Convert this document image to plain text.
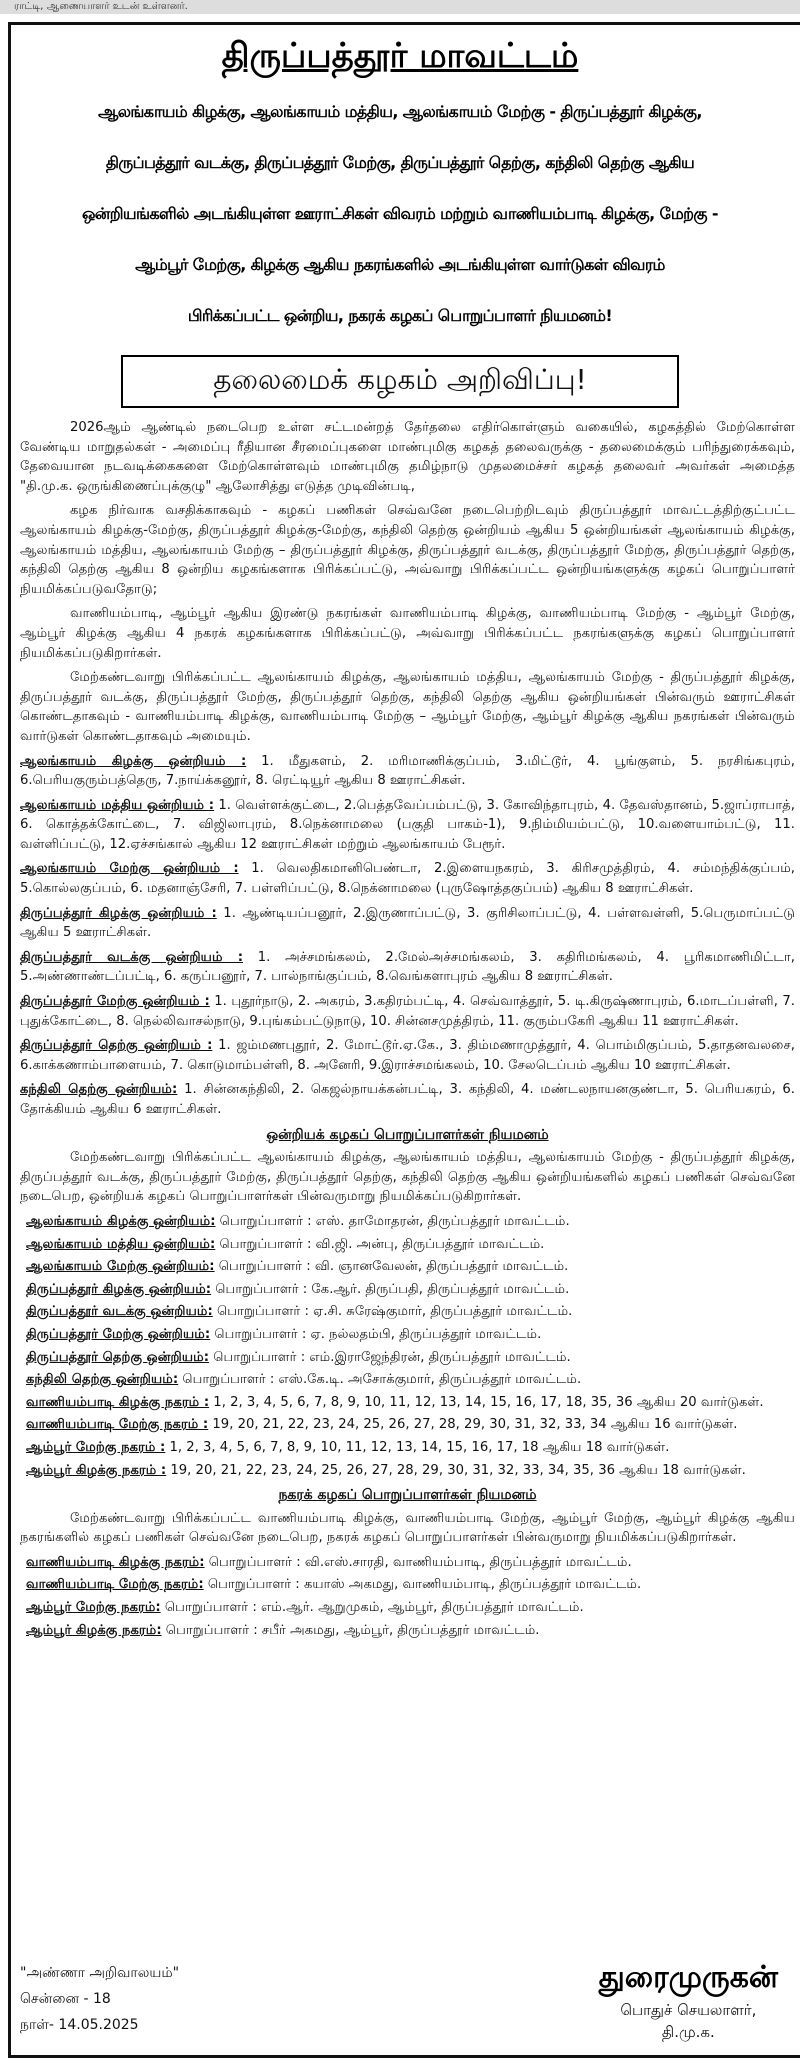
ராட்டி, ஆணையாளர் உடன் உள்ளனர்.
திருப்பத்தூர் மாவட்டம்
ஆலங்காயம் கிழக்கு, ஆலங்காயம் மத்திய, ஆலங்காயம் மேற்கு - திருப்பத்தூர் கிழக்கு,
திருப்பத்தூர் வடக்கு, திருப்பத்தூர் மேற்கு, திருப்பத்தூர் தெற்கு, கந்திலி தெற்கு ஆகிய
ஒன்றியங்களில் அடங்கியுள்ள ஊராட்சிகள் விவரம் மற்றும் வாணியம்பாடி கிழக்கு, மேற்கு -
ஆம்பூர் மேற்கு, கிழக்கு ஆகிய நகரங்களில் அடங்கியுள்ள வார்டுகள் விவரம்
பிரிக்கப்பட்ட ஒன்றிய, நகரக் கழகப் பொறுப்பாளர் நியமனம்!
தலைமைக் கழகம் அறிவிப்பு!

2026ஆம் ஆண்டில் நடைபெற உள்ள சட்டமன்றத் தேர்தலை எதிர்கொள்ளும் வகையில், கழகத்தில் மேற்கொள்ள வேண்டிய மாறுதல்கள் - அமைப்பு ரீதியான சீரமைப்புகளை மாண்புமிகு கழகத் தலைவருக்கு - தலைமைக்கும் பரிந்துரைக்கவும், தேவையான நடவடிக்கைகளை மேற்கொள்ளவும் மாண்புமிகு தமிழ்நாடு முதலமைச்சர் கழகத் தலைவர் அவர்கள் அமைத்த "தி.மு.க. ஒருங்கிணைப்புக்குழு" ஆலோசித்து எடுத்த முடிவின்படி,

கழக நிர்வாக வசதிக்காகவும் - கழகப் பணிகள் செவ்வனே நடைபெற்றிடவும் திருப்பத்தூர் மாவட்டத்திற்குட்பட்ட ஆலங்காயம் கிழக்கு-மேற்கு, திருப்பத்தூர் கிழக்கு-மேற்கு, கந்திலி தெற்கு ஒன்றியம் ஆகிய 5 ஒன்றியங்கள் ஆலங்காயம் கிழக்கு, ஆலங்காயம் மத்திய, ஆலங்காயம் மேற்கு – திருப்பத்தூர் கிழக்கு, திருப்பத்தூர் வடக்கு, திருப்பத்தூர் மேற்கு, திருப்பத்தூர் தெற்கு, கந்திலி தெற்கு ஆகிய 8 ஒன்றிய கழகங்களாக பிரிக்கப்பட்டு, அவ்வாறு பிரிக்கப்பட்ட ஒன்றியங்களுக்கு கழகப் பொறுப்பாளர் நியமிக்கப்படுவதோடு;

வாணியம்பாடி, ஆம்பூர் ஆகிய இரண்டு நகரங்கள் வாணியம்பாடி கிழக்கு, வாணியம்பாடி மேற்கு - ஆம்பூர் மேற்கு, ஆம்பூர் கிழக்கு ஆகிய 4 நகரக் கழகங்களாக பிரிக்கப்பட்டு, அவ்வாறு பிரிக்கப்பட்ட நகரங்களுக்கு கழகப் பொறுப்பாளர் நியமிக்கப்படுகிறார்கள்.

மேற்கண்டவாறு பிரிக்கப்பட்ட ஆலங்காயம் கிழக்கு, ஆலங்காயம் மத்திய, ஆலங்காயம் மேற்கு - திருப்பத்தூர் கிழக்கு, திருப்பத்தூர் வடக்கு, திருப்பத்தூர் மேற்கு, திருப்பத்தூர் தெற்கு, கந்திலி தெற்கு ஆகிய ஒன்றியங்கள் பின்வரும் ஊராட்சிகள் கொண்டதாகவும் - வாணியம்பாடி கிழக்கு, வாணியம்பாடி மேற்கு – ஆம்பூர் மேற்கு, ஆம்பூர் கிழக்கு ஆகிய நகரங்கள் பின்வரும் வார்டுகள் கொண்டதாகவும் அமையும்.

ஆலங்காயம் கிழக்கு ஒன்றியம் : 1. மீதுகளம், 2. மரிமாணிக்குப்பம், 3.மிட்டூர், 4. பூங்குளம், 5. நரசிங்கபுரம், 6.பெரியகுரும்பத்தெரு, 7.நாய்க்கனூர், 8. ரெட்டியூர் ஆகிய 8 ஊராட்சிகள்.

ஆலங்காயம் மத்திய ஒன்றியம் : 1. வெள்ளக்குட்டை, 2.பெத்தவேப்பம்பட்டு, 3. கோவிந்தாபுரம், 4. தேவஸ்தானம், 5.ஜாப்ராபாத், 6. கொத்தக்கோட்டை, 7. விஜிலாபுரம், 8.நெக்னாமலை (பகுதி பாகம்-1), 9.நிம்மியம்பட்டு, 10.வளையாம்பட்டு, 11. வள்ளிப்பட்டு, 12.ஏச்சங்கால் ஆகிய 12 ஊராட்சிகள் மற்றும் ஆலங்காயம் பேரூர்.

ஆலங்காயம் மேற்கு ஒன்றியம் : 1. வெலதிகமானிபெண்டா, 2.இளையநகரம், 3. கிரிசமுத்திரம், 4. சம்மந்திக்குப்பம், 5.கொல்லகுப்பம், 6. மதனாஞ்சேரி, 7. பள்ளிப்பட்டு, 8.நெக்னாமலை (புருஷோத்தகுப்பம்) ஆகிய 8 ஊராட்சிகள்.

திருப்பத்தூர் கிழக்கு ஒன்றியம் : 1. ஆண்டியப்பனூர், 2.இருணாப்பட்டு, 3. குரிசிலாப்பட்டு, 4. பள்ளவள்ளி, 5.பெருமாப்பட்டு ஆகிய 5 ஊராட்சிகள்.

திருப்பத்தூர் வடக்கு ஒன்றியம் : 1. அச்சமங்கலம், 2.மேல்அச்சமங்கலம், 3. கதிரிமங்கலம், 4. பூரிகமாணிமிட்டா, 5.அண்ணாண்டப்பட்டி, 6. கருப்பனூர், 7. பால்நாங்குப்பம், 8.வெங்களாபுரம் ஆகிய 8 ஊராட்சிகள்.

திருப்பத்தூர் மேற்கு ஒன்றியம் : 1. புதூர்நாடு, 2. அகரம், 3.கதிரம்பட்டி, 4. செவ்வாத்தூர், 5. டி.கிருஷ்ணாபுரம், 6.மாடப்பள்ளி, 7. புதுக்கோட்டை, 8. நெல்லிவாசல்நாடு, 9.புங்கம்பட்டுநாடு, 10. சின்னசமுத்திரம், 11. குரும்பகேரி ஆகிய 11 ஊராட்சிகள்.

திருப்பத்தூர் தெற்கு ஒன்றியம் : 1. ஜம்மணபுதூர், 2. மோட்டூர்.ஏ.கே., 3. திம்மணாமுத்தூர், 4. பொம்மிகுப்பம், 5.தாதனவலசை, 6.காக்கணாம்பாளையம், 7. கொடுமாம்பள்ளி, 8. அனேரி, 9.இராச்சமங்கலம், 10. சேலடெப்பம் ஆகிய 10 ஊராட்சிகள்.

கந்திலி தெற்கு ஒன்றியம்: 1. சின்னகந்திலி, 2. கெஜல்நாயக்கன்பட்டி, 3. கந்திலி, 4. மண்டலநாயனகுண்டா, 5. பெரியகரம், 6. தோக்கியம் ஆகிய 6 ஊராட்சிகள்.

ஒன்றியக் கழகப் பொறுப்பாளர்கள் நியமனம்

மேற்கண்டவாறு பிரிக்கப்பட்ட ஆலங்காயம் கிழக்கு, ஆலங்காயம் மத்திய, ஆலங்காயம் மேற்கு - திருப்பத்தூர் கிழக்கு, திருப்பத்தூர் வடக்கு, திருப்பத்தூர் மேற்கு, திருப்பத்தூர் தெற்கு, கந்திலி தெற்கு ஆகிய ஒன்றியங்களில் கழகப் பணிகள் செவ்வனே நடைபெற, ஒன்றியக் கழகப் பொறுப்பாளர்கள் பின்வருமாறு நியமிக்கப்படுகிறார்கள்.

ஆலங்காயம் கிழக்கு ஒன்றியம்: பொறுப்பாளர் : எஸ். தாமோதரன், திருப்பத்தூர் மாவட்டம்.
ஆலங்காயம் மத்திய ஒன்றியம்: பொறுப்பாளர் : வி.ஜி. அன்பு, திருப்பத்தூர் மாவட்டம்.
ஆலங்காயம் மேற்கு ஒன்றியம்: பொறுப்பாளர் : வி. ஞானவேலன், திருப்பத்தூர் மாவட்டம்.
திருப்பத்தூர் கிழக்கு ஒன்றியம்: பொறுப்பாளர் : கே.ஆர். திருப்பதி, திருப்பத்தூர் மாவட்டம்.
திருப்பத்தூர் வடக்கு ஒன்றியம்: பொறுப்பாளர் : ஏ.சி. சுரேஷ்குமார், திருப்பத்தூர் மாவட்டம்.
திருப்பத்தூர் மேற்கு ஒன்றியம்: பொறுப்பாளர் : ஏ. நல்லதம்பி, திருப்பத்தூர் மாவட்டம்.
திருப்பத்தூர் தெற்கு ஒன்றியம்: பொறுப்பாளர் : எம்.இராஜேந்திரன், திருப்பத்தூர் மாவட்டம்.
கந்திலி தெற்கு ஒன்றியம்: பொறுப்பாளர் : எஸ்.கே.டி. அசோக்குமார், திருப்பத்தூர் மாவட்டம்.
வாணியம்பாடி கிழக்கு நகரம் : 1, 2, 3, 4, 5, 6, 7, 8, 9, 10, 11, 12, 13, 14, 15, 16, 17, 18, 35, 36 ஆகிய 20 வார்டுகள்.
வாணியம்பாடி மேற்கு நகரம் : 19, 20, 21, 22, 23, 24, 25, 26, 27, 28, 29, 30, 31, 32, 33, 34 ஆகிய 16 வார்டுகள்.
ஆம்பூர் மேற்கு நகரம் : 1, 2, 3, 4, 5, 6, 7, 8, 9, 10, 11, 12, 13, 14, 15, 16, 17, 18 ஆகிய 18 வார்டுகள்.
ஆம்பூர் கிழக்கு நகரம் : 19, 20, 21, 22, 23, 24, 25, 26, 27, 28, 29, 30, 31, 32, 33, 34, 35, 36 ஆகிய 18 வார்டுகள்.
நகரக் கழகப் பொறுப்பாளர்கள் நியமனம்

மேற்கண்டவாறு பிரிக்கப்பட்ட வாணியம்பாடி கிழக்கு, வாணியம்பாடி மேற்கு, ஆம்பூர் மேற்கு, ஆம்பூர் கிழக்கு ஆகிய நகரங்களில் கழகப் பணிகள் செவ்வனே நடைபெற, நகரக் கழகப் பொறுப்பாளர்கள் பின்வருமாறு நியமிக்கப்படுகிறார்கள்.

வாணியம்பாடி கிழக்கு நகரம்: பொறுப்பாளர் : வி.எஸ்.சாரதி, வாணியம்பாடி, திருப்பத்தூர் மாவட்டம்.
வாணியம்பாடி மேற்கு நகரம்: பொறுப்பாளர் : கயாஸ் அகமது, வாணியம்பாடி, திருப்பத்தூர் மாவட்டம்.
ஆம்பூர் மேற்கு நகரம்: பொறுப்பாளர் : எம்.ஆர். ஆறுமுகம், ஆம்பூர், திருப்பத்தூர் மாவட்டம்.
ஆம்பூர் கிழக்கு நகரம்: பொறுப்பாளர் : சபீர் அகமது, ஆம்பூர், திருப்பத்தூர் மாவட்டம்.
"அண்ணா அறிவாலயம்"
சென்னை - 18
நாள்- 14.05.2025
துரைமுருகன்
பொதுச் செயலாளர்,
தி.மு.க.
